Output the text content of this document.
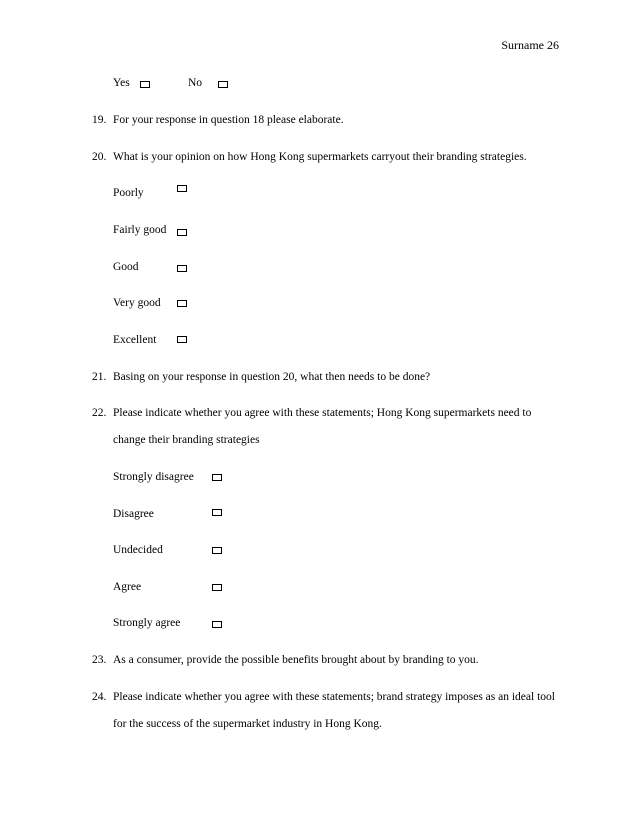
Surname 26
Yes	No
19. For your response in question 18 please elaborate.
20. What is your opinion on how Hong Kong supermarkets carryout their branding strategies.
Poorly
Fairly good
Good
Very good
Excellent
21. Basing on your response in question 20, what then needs to be done?
22. Please indicate whether you agree with these statements; Hong Kong supermarkets need to
change their branding strategies
Strongly disagree
Disagree
Undecided
Agree
Strongly agree
23. As a consumer, provide the possible benefits brought about by branding to you.
24. Please indicate whether you agree with these statements; brand strategy imposes as an ideal tool
for the success of the supermarket industry in Hong Kong.
